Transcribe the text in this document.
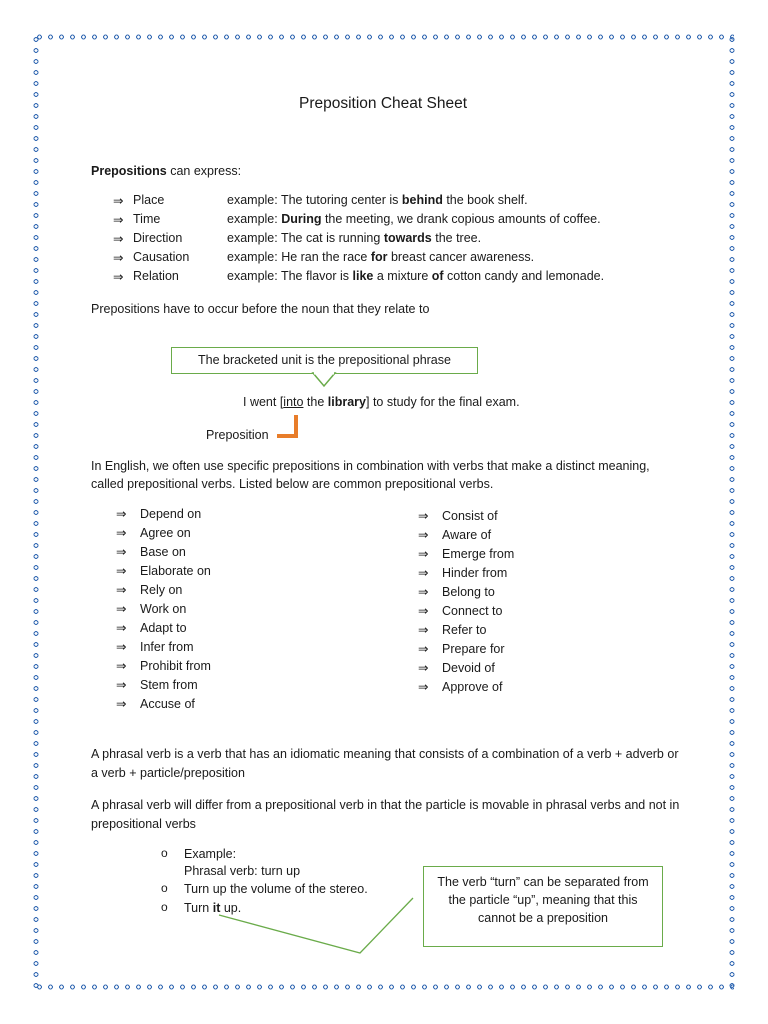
Preposition Cheat Sheet
Prepositions can express:
⇒ Place	example: The tutoring center is behind the book shelf.
⇒ Time	example: During the meeting, we drank copious amounts of coffee.
⇒ Direction	example: The cat is running towards the tree.
⇒ Causation	example: He ran the race for breast cancer awareness.
⇒ Relation	example: The flavor is like a mixture of cotton candy and lemonade.
Prepositions have to occur before the noun that they relate to
The bracketed unit is the prepositional phrase
I went [into the library] to study for the final exam.
Preposition
In English, we often use specific prepositions in combination with verbs that make a distinct meaning, called prepositional verbs. Listed below are common prepositional verbs.
⇒ Depend on
⇒ Agree on
⇒ Base on
⇒ Elaborate on
⇒ Rely on
⇒ Work on
⇒ Adapt to
⇒ Infer from
⇒ Prohibit from
⇒ Stem from
⇒ Accuse of
⇒ Consist of
⇒ Aware of
⇒ Emerge from
⇒ Hinder from
⇒ Belong to
⇒ Connect to
⇒ Refer to
⇒ Prepare for
⇒ Devoid of
⇒ Approve of
A phrasal verb is a verb that has an idiomatic meaning that consists of a combination of a verb + adverb or a verb + particle/preposition
A phrasal verb will differ from a prepositional verb in that the particle is movable in phrasal verbs and not in prepositional verbs
o Example:
Phrasal verb: turn up
o Turn up the volume of the stereo.
o Turn it up.
The verb “turn” can be separated from the particle “up”, meaning that this cannot be a preposition
